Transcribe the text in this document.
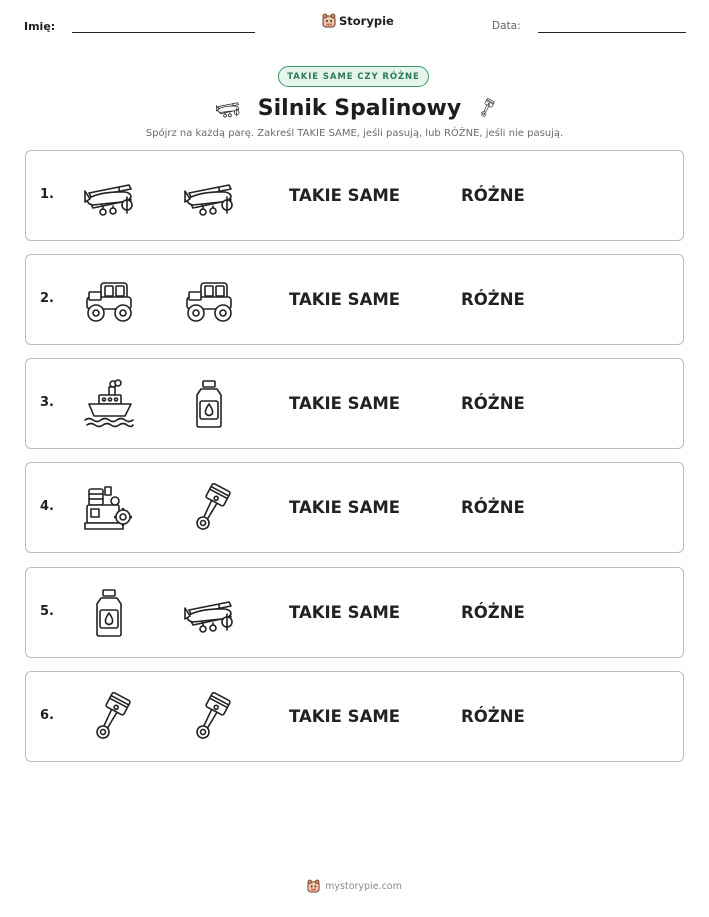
Imię:	Storypie	Data:
TAKIE SAME CZY RÓŻNE
Silnik Spalinowy
Spójrz na każdą parę. Zakreśl TAKIE SAME, jeśli pasują, lub RÓŻNE, jeśli nie pasują.
1.	TAKIE SAME	RÓŻNE
2.	TAKIE SAME	RÓŻNE
3.	TAKIE SAME	RÓŻNE
4.	TAKIE SAME	RÓŻNE
5.	TAKIE SAME	RÓŻNE
6.	TAKIE SAME	RÓŻNE
mystorypie.com
